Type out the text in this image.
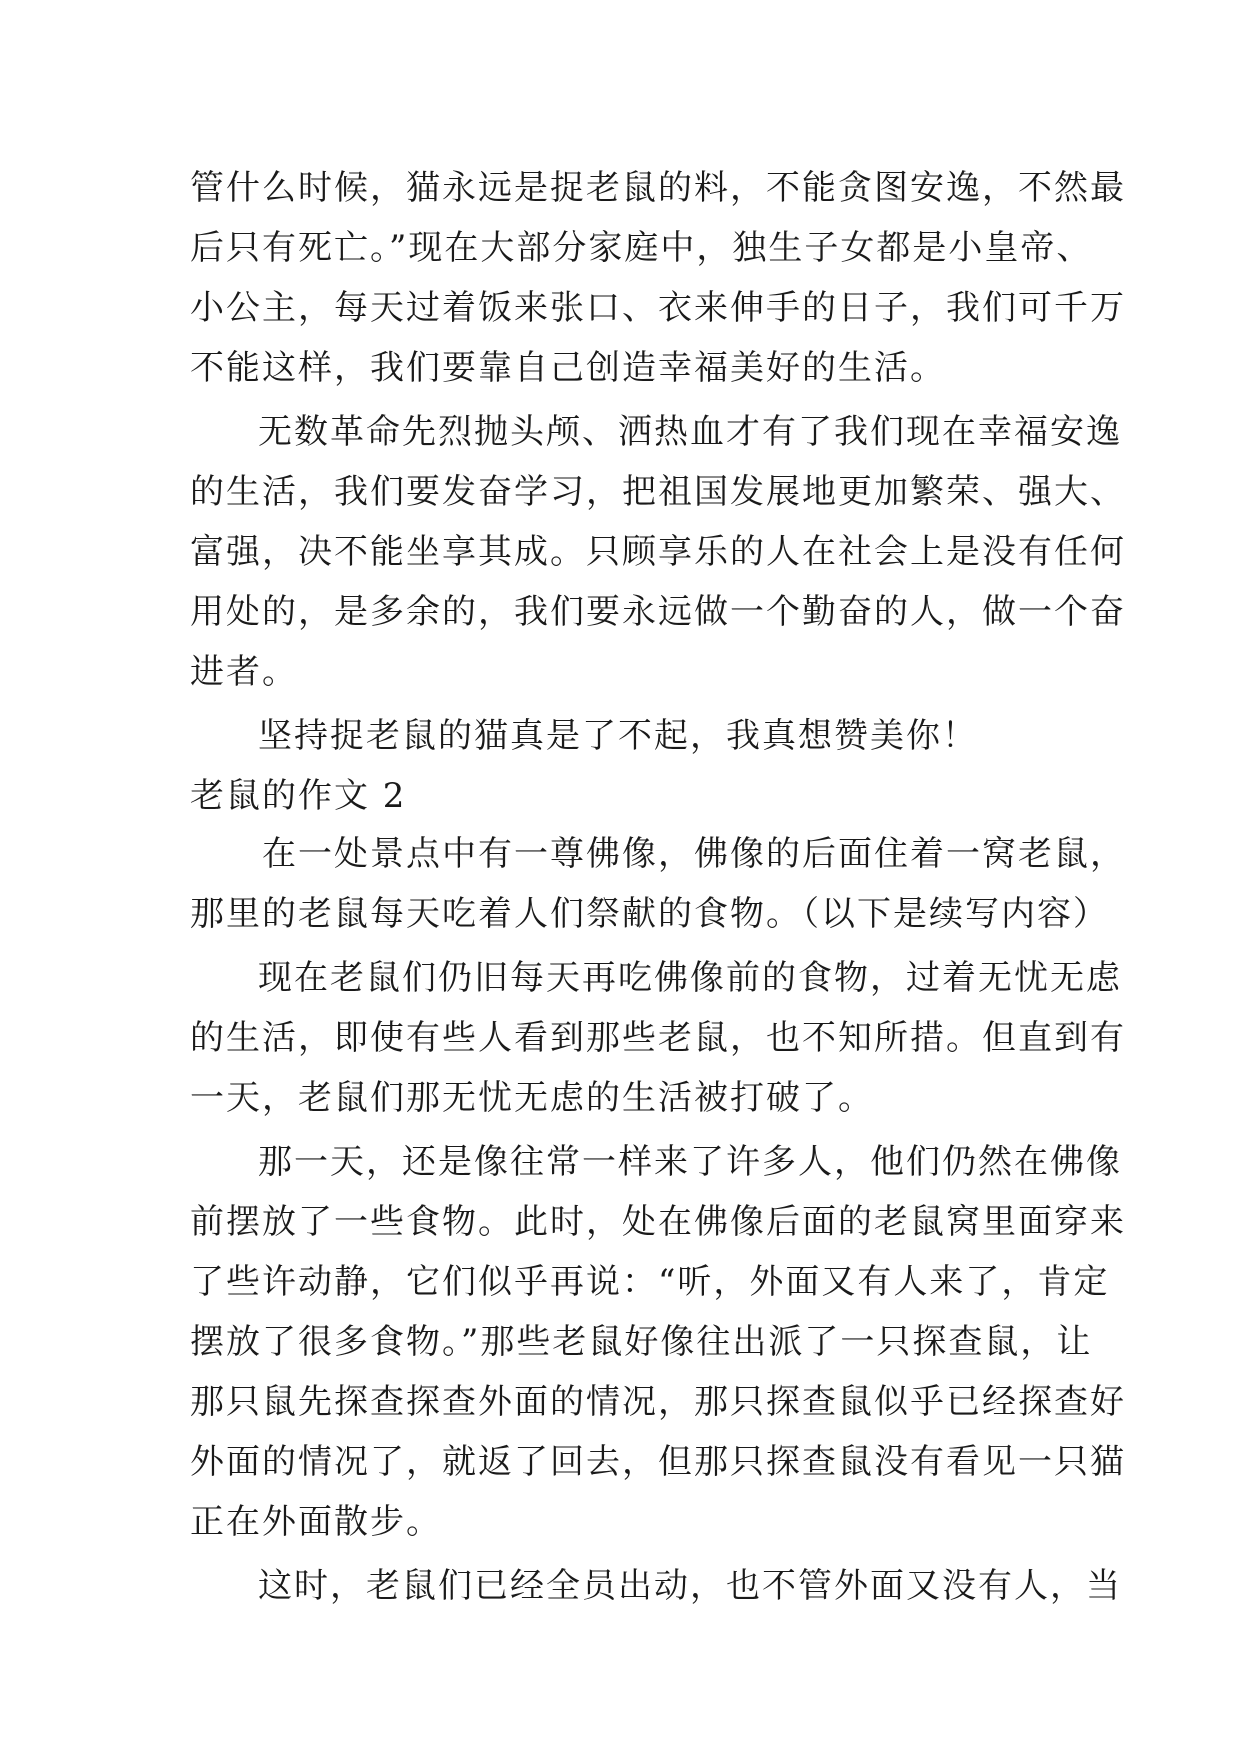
管什么时候，猫永远是捉老鼠的料，不能贪图安逸，不然最
后只有死亡。”现在大部分家庭中，独生子女都是小皇帝、
小公主，每天过着饭来张口、衣来伸手的日子，我们可千万
不能这样，我们要靠自己创造幸福美好的生活。
无数革命先烈抛头颅、洒热血才有了我们现在幸福安逸
的生活，我们要发奋学习，把祖国发展地更加繁荣、强大、
富强，决不能坐享其成。只顾享乐的人在社会上是没有任何
用处的，是多余的，我们要永远做一个勤奋的人，做一个奋
进者。
坚持捉老鼠的猫真是了不起，我真想赞美你！
老鼠的作文 2
在一处景点中有一尊佛像，佛像的后面住着一窝老鼠，
那里的老鼠每天吃着人们祭献的食物。（以下是续写内容）
现在老鼠们仍旧每天再吃佛像前的食物，过着无忧无虑
的生活，即使有些人看到那些老鼠，也不知所措。但直到有
一天，老鼠们那无忧无虑的生活被打破了。
那一天，还是像往常一样来了许多人，他们仍然在佛像
前摆放了一些食物。此时，处在佛像后面的老鼠窝里面穿来
了些许动静，它们似乎再说：“听，外面又有人来了，肯定
摆放了很多食物。”那些老鼠好像往出派了一只探查鼠，让
那只鼠先探查探查外面的情况，那只探查鼠似乎已经探查好
外面的情况了，就返了回去，但那只探查鼠没有看见一只猫
正在外面散步。
这时，老鼠们已经全员出动，也不管外面又没有人，当
